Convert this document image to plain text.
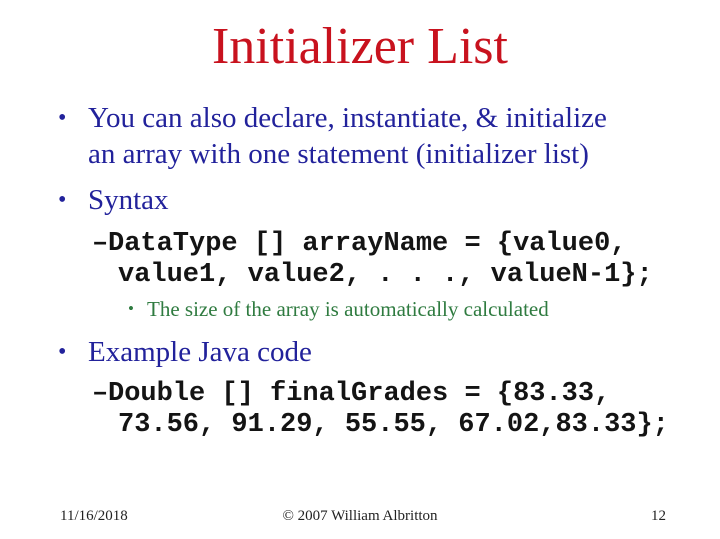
Initializer List
• You can also declare, instantiate, & initialize
an array with one statement (initializer list)
• Syntax
–DataType [] arrayName = {value0,
value1, value2, . . ., valueN-1};
• The size of the array is automatically calculated
• Example Java code
–Double [] finalGrades = {83.33,
73.56, 91.29, 55.55, 67.02,83.33};
11/16/2018	© 2007 William Albritton	12
